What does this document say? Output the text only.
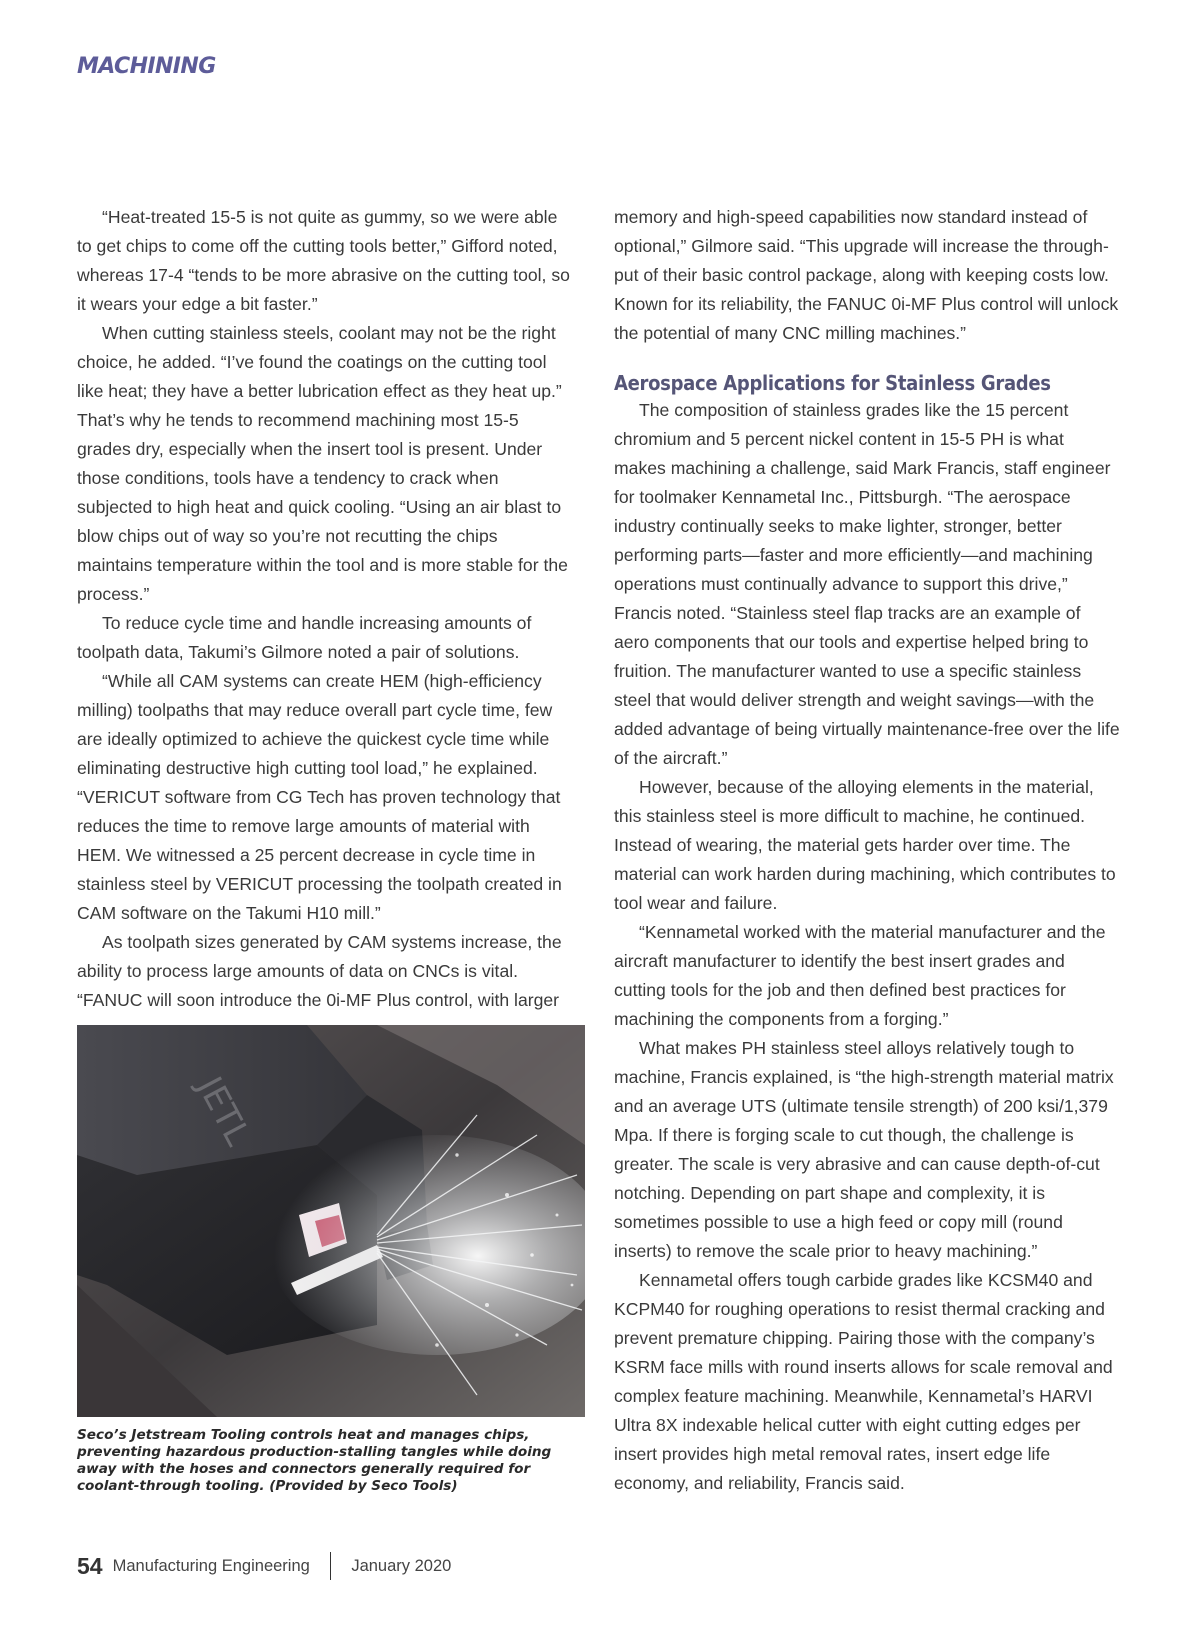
MACHINING

“Heat-treated 15-5 is not quite as gummy, so we were able to get chips to come off the cutting tools better,” Gifford noted, whereas 17-4 “tends to be more abrasive on the cutting tool, so it wears your edge a bit faster.”

When cutting stainless steels, coolant may not be the right choice, he added. “I’ve found the coatings on the cutting tool like heat; they have a better lubrication effect as they heat up.” That’s why he tends to recommend machining most 15-5 grades dry, especially when the insert tool is present. Under those conditions, tools have a tendency to crack when subjected to high heat and quick cooling. “Using an air blast to blow chips out of way so you’re not recutting the chips maintains temperature within the tool and is more stable for the process.”

To reduce cycle time and handle increasing amounts of toolpath data, Takumi’s Gilmore noted a pair of solutions.

“While all CAM systems can create HEM (high-efficiency milling) toolpaths that may reduce overall part cycle time, few are ideally optimized to achieve the quickest cycle time while eliminating destructive high cutting tool load,” he explained. “VERICUT software from CG Tech has proven technology that reduces the time to remove large amounts of material with HEM. We witnessed a 25 percent decrease in cycle time in stainless steel by VERICUT processing the toolpath created in CAM software on the Takumi H10 mill.”

As toolpath sizes generated by CAM systems increase, the ability to process large amounts of data on CNCs is vital. “FANUC will soon introduce the 0i-MF Plus control, with larger

memory and high-speed capabilities now standard instead of optional,” Gilmore said. “This upgrade will increase the through-put of their basic control package, along with keeping costs low. Known for its reliability, the FANUC 0i-MF Plus control will unlock the potential of many CNC milling machines.”

Aerospace Applications for Stainless Grades

The composition of stainless grades like the 15 percent chromium and 5 percent nickel content in 15-5 PH is what makes machining a challenge, said Mark Francis, staff engineer for toolmaker Kennametal Inc., Pittsburgh. “The aerospace industry continually seeks to make lighter, stronger, better performing parts—faster and more efficiently—and machining operations must continually advance to support this drive,” Francis noted. “Stainless steel flap tracks are an example of aero components that our tools and expertise helped bring to fruition. The manufacturer wanted to use a specific stainless steel that would deliver strength and weight savings—with the added advantage of being virtually maintenance-free over the life of the aircraft.”

However, because of the alloying elements in the material, this stainless steel is more difficult to machine, he continued. Instead of wearing, the material gets harder over time. The material can work harden during machining, which contributes to tool wear and failure.

“Kennametal worked with the material manufacturer and the aircraft manufacturer to identify the best insert grades and cutting tools for the job and then defined best practices for machining the components from a forging.”

What makes PH stainless steel alloys relatively tough to machine, Francis explained, is “the high-strength material matrix and an average UTS (ultimate tensile strength) of 200 ksi/1,379 Mpa. If there is forging scale to cut though, the challenge is greater. The scale is very abrasive and can cause depth-of-cut notching. Depending on part shape and complexity, it is sometimes possible to use a high feed or copy mill (round inserts) to remove the scale prior to heavy machining.”

Kennametal offers tough carbide grades like KCSM40 and KCPM40 for roughing operations to resist thermal cracking and prevent premature chipping. Pairing those with the company’s KSRM face mills with round inserts allows for scale removal and complex feature machining. Meanwhile, Kennametal’s HARVI Ultra 8X indexable helical cutter with eight cutting edges per insert provides high metal removal rates, insert edge life economy, and reliability, Francis said.

JETL
Seco’s Jetstream Tooling controls heat and manages chips, preventing hazardous production-stalling tangles while doing away with the hoses and connectors generally required for coolant-through tooling. (Provided by Seco Tools)
54 Manufacturing Engineering	January 2020
